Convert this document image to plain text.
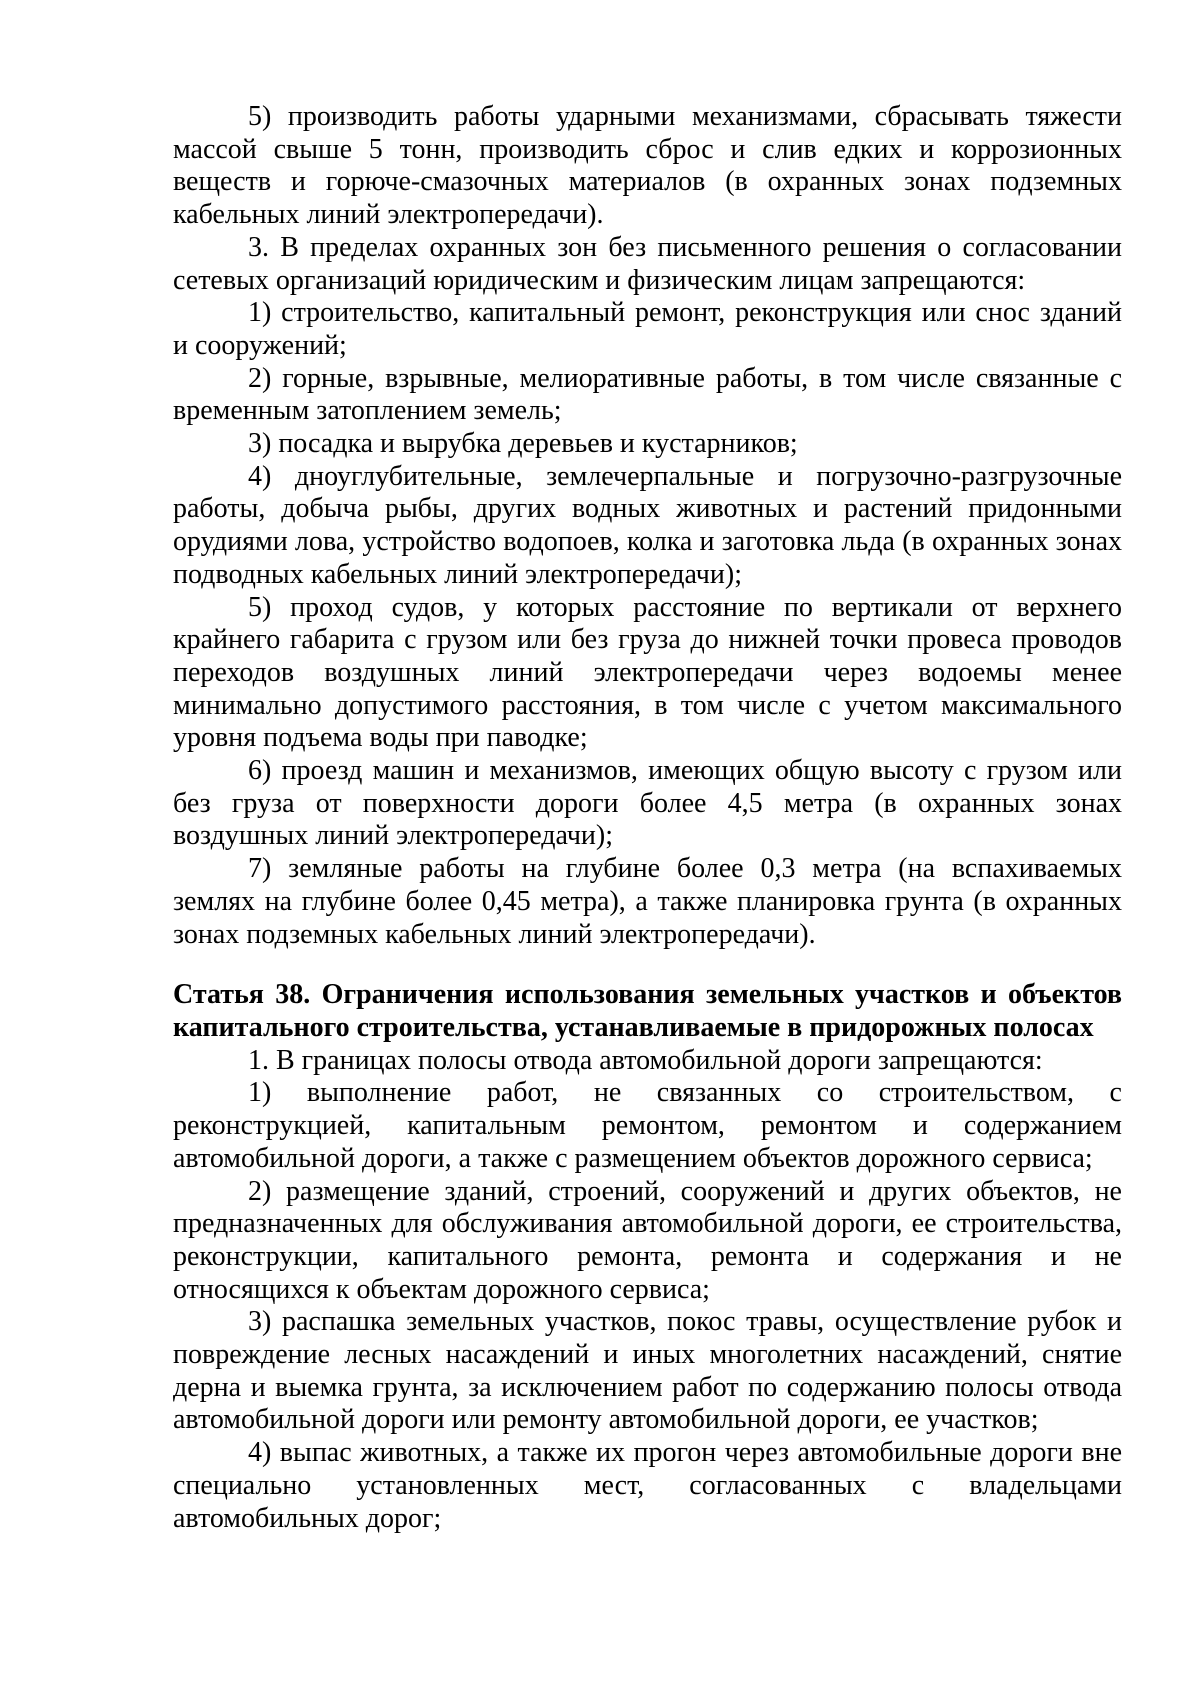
5) производить работы ударными механизмами, сбрасывать тяжести массой свыше 5 тонн, производить сброс и слив едких и коррозионных веществ и горюче-смазочных материалов (в охранных зонах подземных кабельных линий электропередачи).

3. В пределах охранных зон без письменного решения о согласовании сетевых организаций юридическим и физическим лицам запрещаются:

1) строительство, капитальный ремонт, реконструкция или снос зданий и сооружений;

2) горные, взрывные, мелиоративные работы, в том числе связанные с временным затоплением земель;

3) посадка и вырубка деревьев и кустарников;

4) дноуглубительные, землечерпальные и погрузочно-разгрузочные работы, добыча рыбы, других водных животных и растений придонными орудиями лова, устройство водопоев, колка и заготовка льда (в охранных зонах подводных кабельных линий электропередачи);

5) проход судов, у которых расстояние по вертикали от верхнего крайнего габарита с грузом или без груза до нижней точки провеса проводов переходов воздушных линий электропередачи через водоемы менее минимально допустимого расстояния, в том числе с учетом максимального уровня подъема воды при паводке;

6) проезд машин и механизмов, имеющих общую высоту с грузом или без груза от поверхности дороги более 4,5 метра (в охранных зонах воздушных линий электропередачи);

7) земляные работы на глубине более 0,3 метра (на вспахиваемых землях на глубине более 0,45 метра), а также планировка грунта (в охранных зонах подземных кабельных линий электропередачи).

Статья 38. Ограничения использования земельных участков и объектов капитального строительства, устанавливаемые в придорожных полосах

1. В границах полосы отвода автомобильной дороги запрещаются:

1) выполнение работ, не связанных со строительством, с реконструкцией, капитальным ремонтом, ремонтом и содержанием автомобильной дороги, а также с размещением объектов дорожного сервиса;

2) размещение зданий, строений, сооружений и других объектов, не предназначенных для обслуживания автомобильной дороги, ее строительства, реконструкции, капитального ремонта, ремонта и содержания и не относящихся к объектам дорожного сервиса;

3) распашка земельных участков, покос травы, осуществление рубок и повреждение лесных насаждений и иных многолетних насаждений, снятие дерна и выемка грунта, за исключением работ по содержанию полосы отвода автомобильной дороги или ремонту автомобильной дороги, ее участков;

4) выпас животных, а также их прогон через автомобильные дороги вне специально установленных мест, согласованных с владельцами автомобильных дорог;
